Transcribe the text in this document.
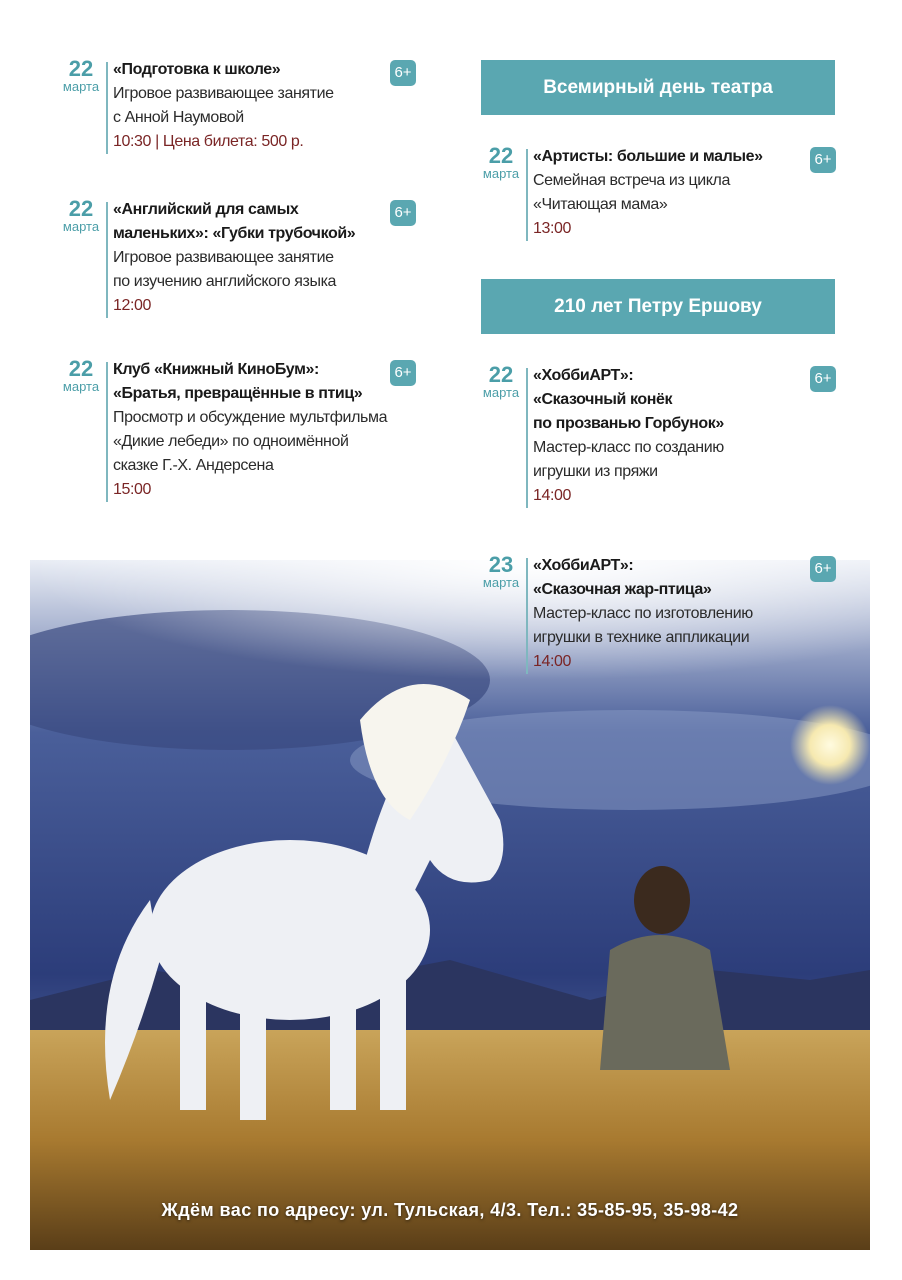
22
марта
«Подготовка к школе»
Игровое развивающее занятие
с Анной Наумовой
10:30 | Цена билета: 500 р.
6+
22
марта
«Английский для самых
маленьких»: «Губки трубочкой»
Игровое развивающее занятие
по изучению английского языка
12:00
6+
22
марта
Клуб «Книжный КиноБум»:
«Братья, превращённые в птиц»
Просмотр и обсуждение мультфильма
«Дикие лебеди» по одноимённой
сказке Г.-Х. Андерсена
15:00
6+
Всемирный день театра
22
марта
«Артисты: большие и малые»
Семейная встреча из цикла
«Читающая мама»
13:00
6+
210 лет Петру Ершову
22
марта
«ХоббиАРТ»:
«Сказочный конёк
по прозванью Горбунок»
Мастер-класс по созданию
игрушки из пряжи
14:00
6+
23
марта
«ХоббиАРТ»:
«Сказочная жар-птица»
Мастер-класс по изготовлению
игрушки в технике аппликации
14:00
6+
Ждём вас по адресу: ул. Тульская, 4/3. Тел.: 35-85-95, 35-98-42
